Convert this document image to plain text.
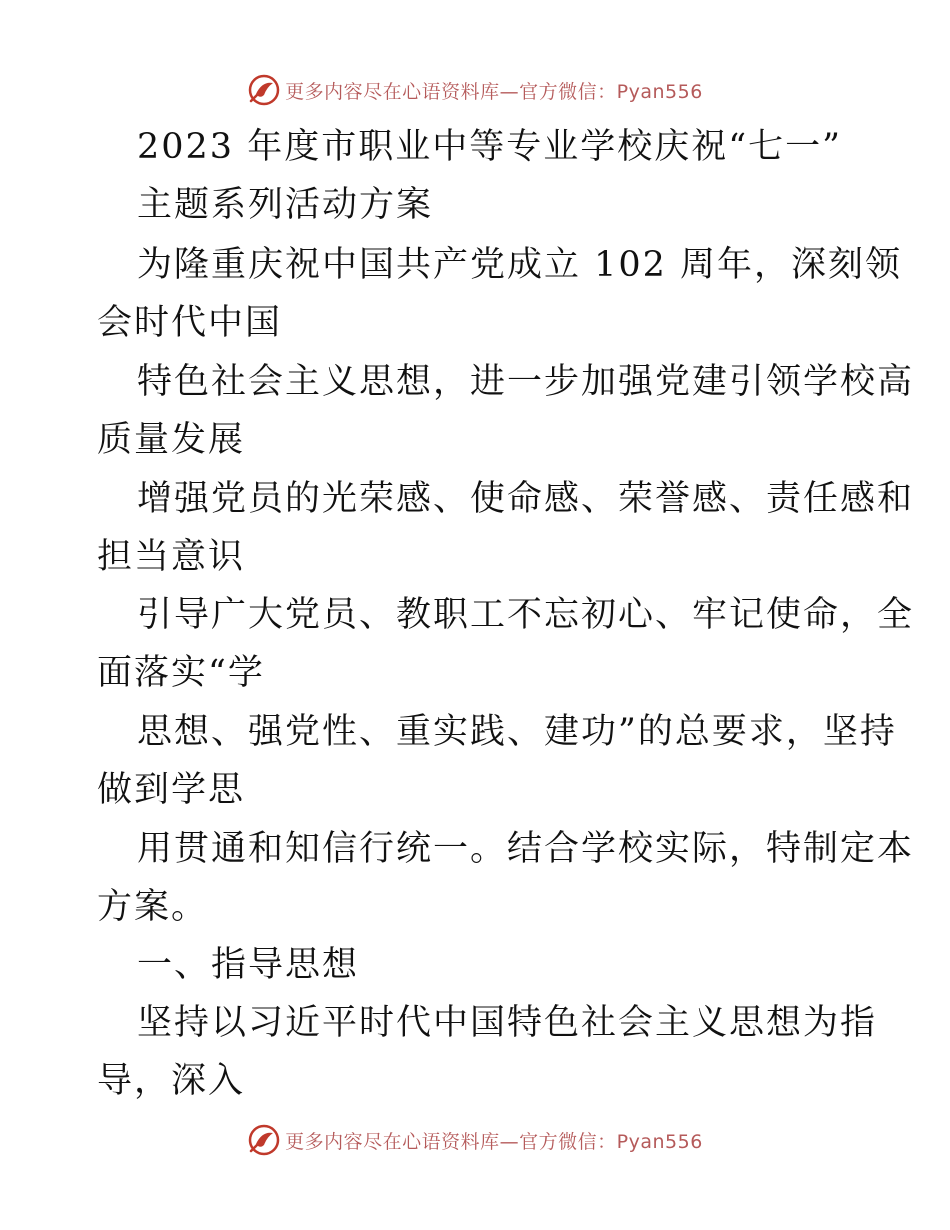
更多内容尽在心语资料库—官方微信：Pyan556
2023 年度市职业中等专业学校庆祝“七一”
主题系列活动方案
为隆重庆祝中国共产党成立 102 周年，深刻领
会时代中国
特色社会主义思想，进一步加强党建引领学校高
质量发展
增强党员的光荣感、使命感、荣誉感、责任感和
担当意识
引导广大党员、教职工不忘初心、牢记使命，全
面落实“学
思想、强党性、重实践、建功”的总要求，坚持
做到学思
用贯通和知信行统一。结合学校实际，特制定本
方案。
一、指导思想
坚持以习近平时代中国特色社会主义思想为指
导，深入
更多内容尽在心语资料库—官方微信：Pyan556
